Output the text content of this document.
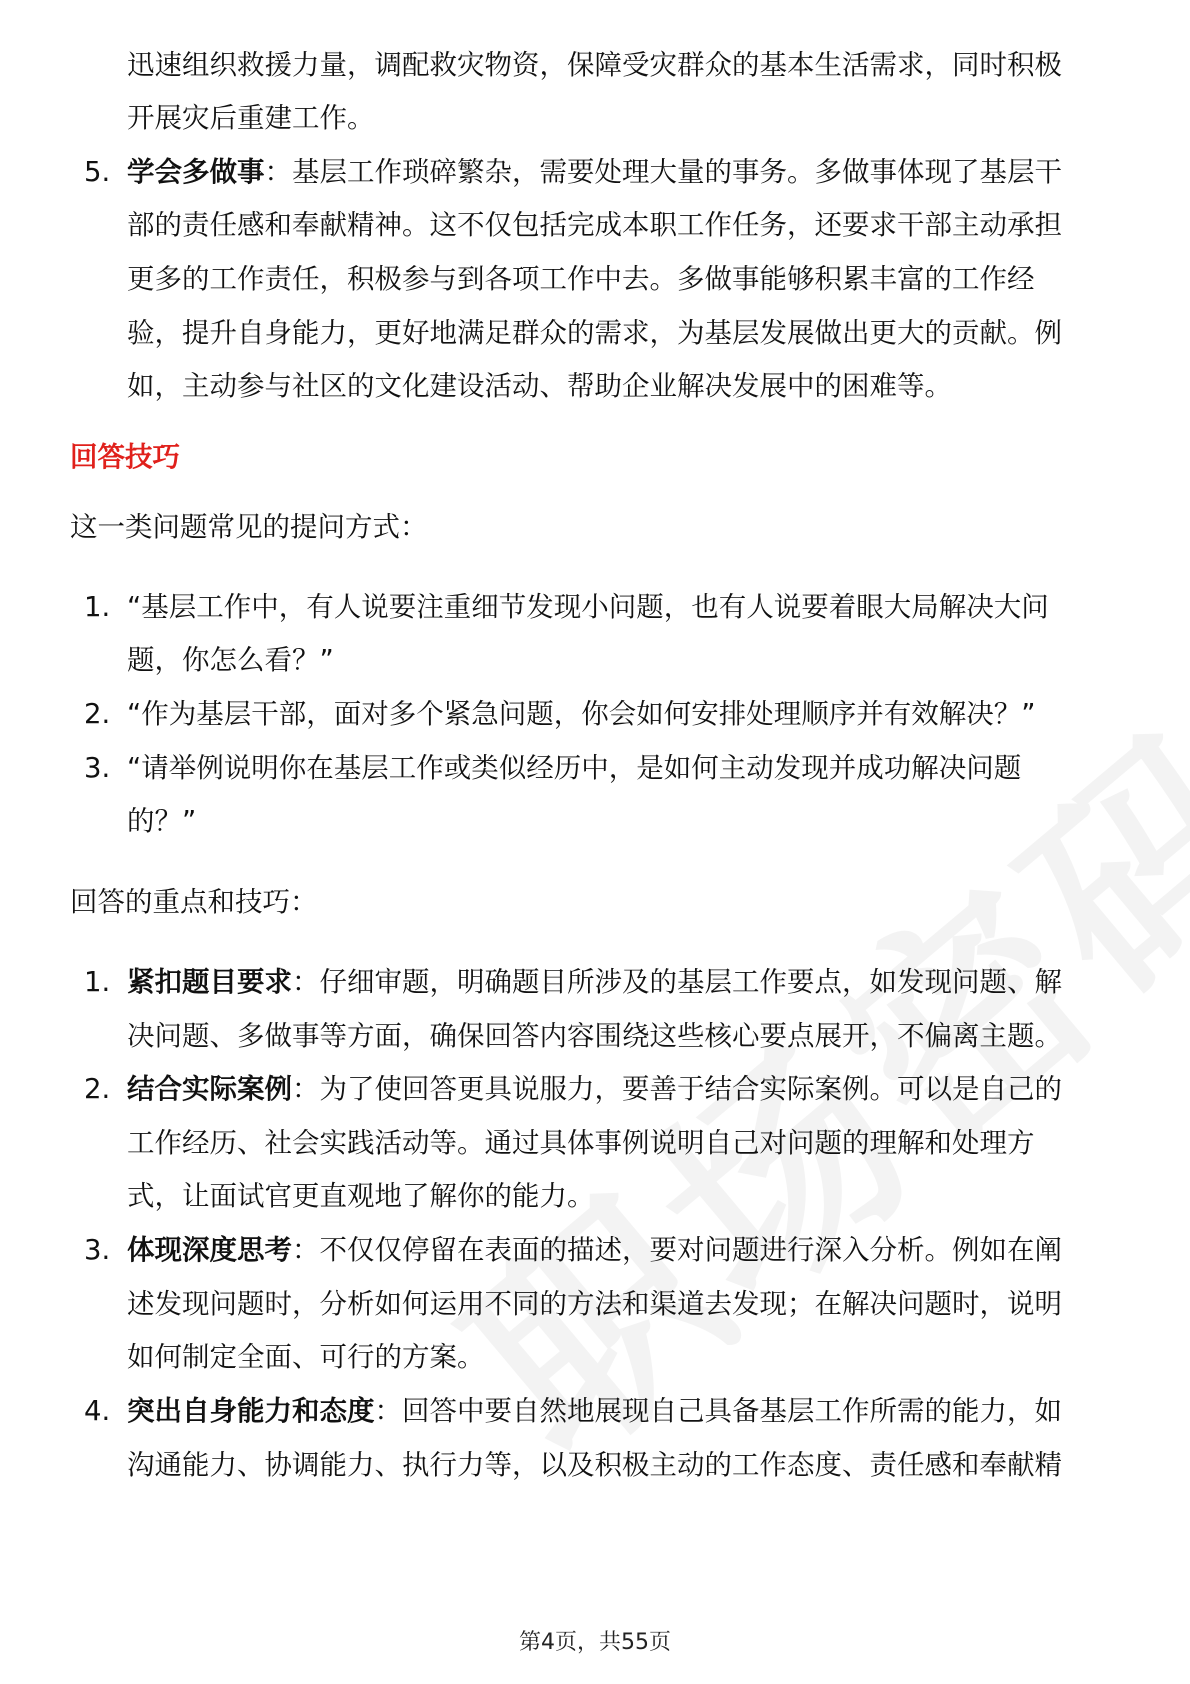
迅速组织救援力量，调配救灾物资，保障受灾群众的基本生活需求，同时积极
开展灾后重建工作。
5. 学会多做事：基层工作琐碎繁杂，需要处理大量的事务。多做事体现了基层干
部的责任感和奉献精神。这不仅包括完成本职工作任务，还要求干部主动承担
更多的工作责任，积极参与到各项工作中去。多做事能够积累丰富的工作经
验，提升自身能力，更好地满足群众的需求，为基层发展做出更大的贡献。例
如，主动参与社区的文化建设活动、帮助企业解决发展中的困难等。
回答技巧
这一类问题常见的提问方式：
1. “基层工作中，有人说要注重细节发现小问题，也有人说要着眼大局解决大问
题，你怎么看？”
2. “作为基层干部，面对多个紧急问题，你会如何安排处理顺序并有效解决？”
3. “请举例说明你在基层工作或类似经历中，是如何主动发现并成功解决问题
的？”
回答的重点和技巧：
1. 紧扣题目要求：仔细审题，明确题目所涉及的基层工作要点，如发现问题、解
决问题、多做事等方面，确保回答内容围绕这些核心要点展开，不偏离主题。
2. 结合实际案例：为了使回答更具说服力，要善于结合实际案例。可以是自己的
工作经历、社会实践活动等。通过具体事例说明自己对问题的理解和处理方
式，让面试官更直观地了解你的能力。
3. 体现深度思考：不仅仅停留在表面的描述，要对问题进行深入分析。例如在阐
述发现问题时，分析如何运用不同的方法和渠道去发现；在解决问题时，说明
如何制定全面、可行的方案。
4. 突出自身能力和态度：回答中要自然地展现自己具备基层工作所需的能力，如
沟通能力、协调能力、执行力等，以及积极主动的工作态度、责任感和奉献精
第4页，共55页
